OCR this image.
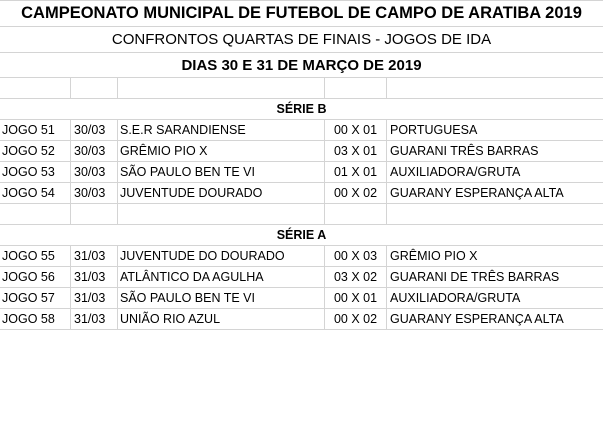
CAMPEONATO MUNICIPAL DE FUTEBOL DE CAMPO DE ARATIBA 2019
CONFRONTOS QUARTAS DE FINAIS - JOGOS DE IDA
DIAS 30 E 31 DE MARÇO DE 2019
SÉRIE B
JOGO 51	30/03	S.E.R SARANDIENSE	00 X 01	PORTUGUESA
JOGO 52	30/03	GRÊMIO PIO X	03 X 01	GUARANI TRÊS BARRAS
JOGO 53	30/03	SÃO PAULO BEN TE VI	01 X 01	AUXILIADORA/GRUTA
JOGO 54	30/03	JUVENTUDE DOURADO	00 X 02	GUARANY ESPERANÇA ALTA
SÉRIE A
JOGO 55	31/03	JUVENTUDE DO DOURADO	00 X 03	GRÊMIO PIO X
JOGO 56	31/03	ATLÂNTICO DA AGULHA	03 X 02	GUARANI DE TRÊS BARRAS
JOGO 57	31/03	SÃO PAULO BEN TE VI	00 X 01	AUXILIADORA/GRUTA
JOGO 58	31/03	UNIÃO RIO AZUL	00 X 02	GUARANY ESPERANÇA ALTA
